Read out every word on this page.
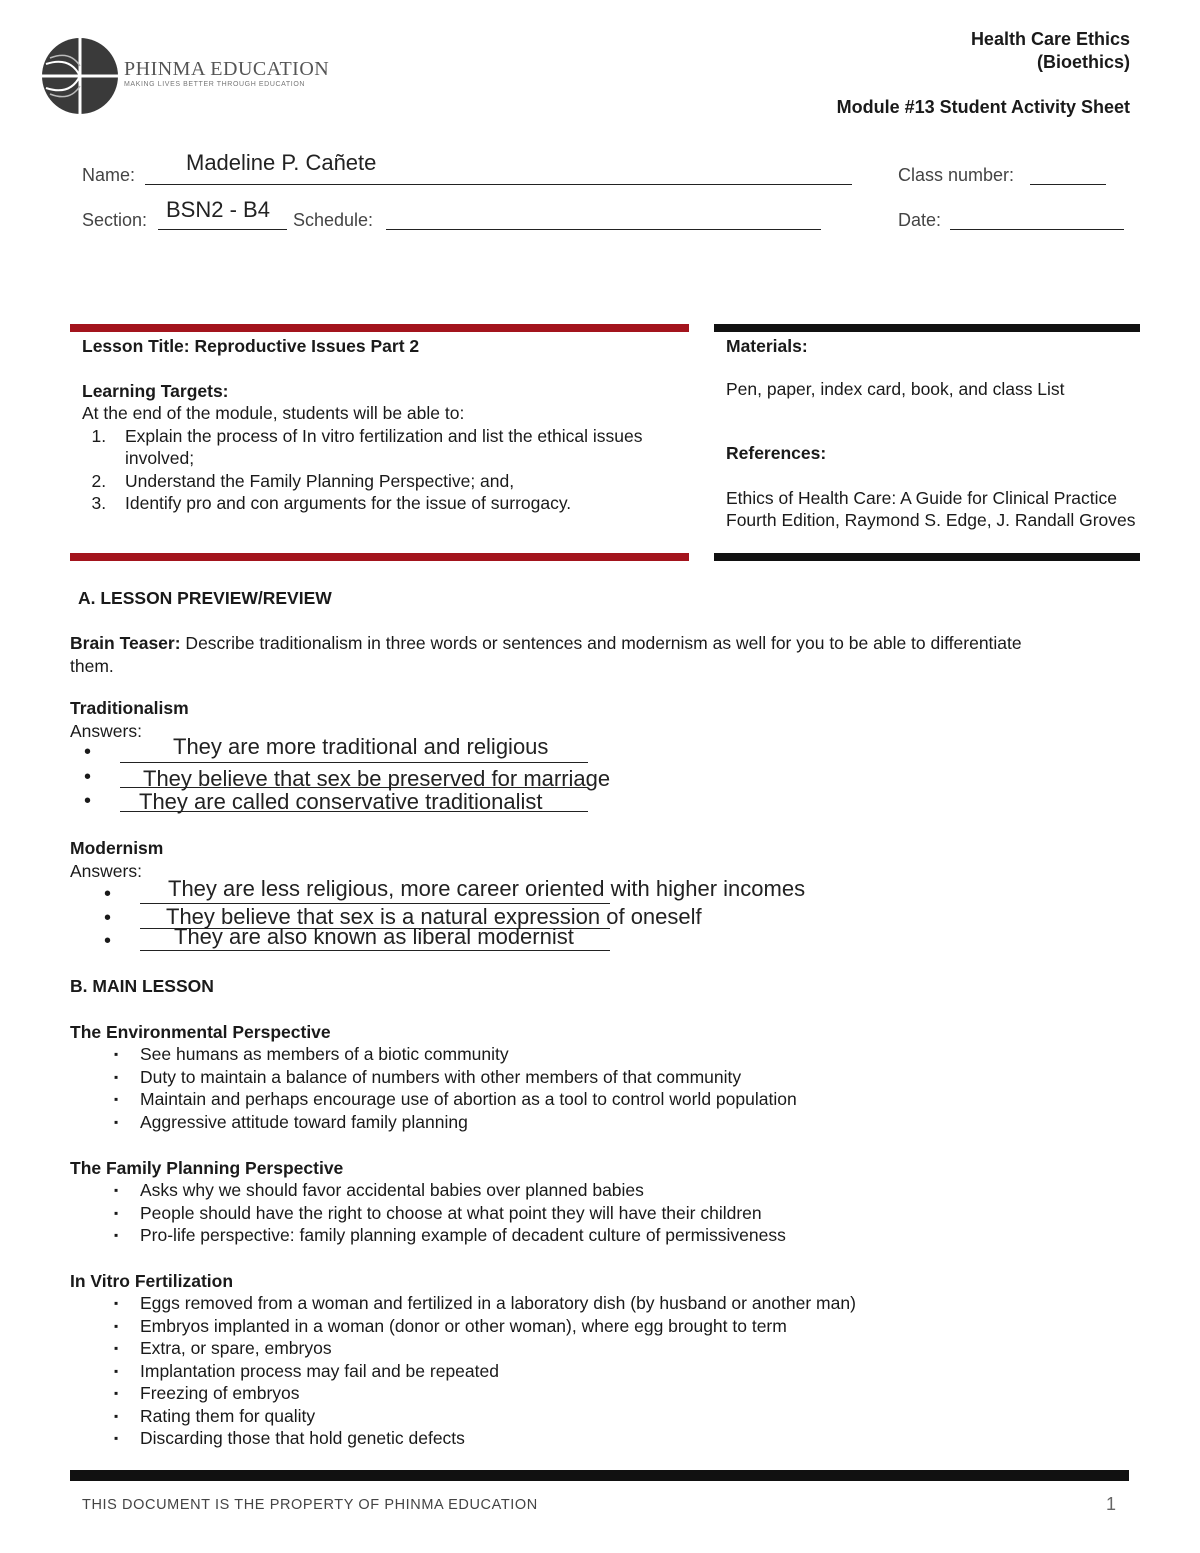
PHINMA EDUCATION
MAKING LIVES BETTER THROUGH EDUCATION
Health Care Ethics
(Bioethics)
Module #13 Student Activity Sheet
Name: Madeline P. Cañete	Class number:
Section: BSN2 - B4 Schedule:	Date:
Lesson Title: Reproductive Issues Part 2
Learning Targets:
At the end of the module, students will be able to:
1. Explain the process of In vitro fertilization and list the ethical issues involved;
2. Understand the Family Planning Perspective; and,
3. Identify pro and con arguments for the issue of surrogacy.
Materials:
Pen, paper, index card, book, and class List
References:
Ethics of Health Care: A Guide for Clinical Practice Fourth Edition, Raymond S. Edge, J. Randall Groves
A. LESSON PREVIEW/REVIEW
Brain Teaser: Describe traditionalism in three words or sentences and modernism as well for you to be able to differentiate them.
Traditionalism
Answers:
•	They are more traditional and religious
• They believe that sex be preserved for marriage
• They are called conservative traditionalist
Modernism
Answers:
•	They are less religious, more career oriented with higher incomes
• They believe that sex is a natural expression of oneself
•	They are also known as liberal modernist
B. MAIN LESSON
The Environmental Perspective
▪ See humans as members of a biotic community
▪ Duty to maintain a balance of numbers with other members of that community
▪ Maintain and perhaps encourage use of abortion as a tool to control world population
▪ Aggressive attitude toward family planning
The Family Planning Perspective
▪ Asks why we should favor accidental babies over planned babies
▪ People should have the right to choose at what point they will have their children
▪ Pro-life perspective: family planning example of decadent culture of permissiveness
In Vitro Fertilization
▪ Eggs removed from a woman and fertilized in a laboratory dish (by husband or another man)
▪ Embryos implanted in a woman (donor or other woman), where egg brought to term
▪ Extra, or spare, embryos
▪ Implantation process may fail and be repeated
▪ Freezing of embryos
▪ Rating them for quality
▪ Discarding those that hold genetic defects
THIS DOCUMENT IS THE PROPERTY OF PHINMA EDUCATION	1
